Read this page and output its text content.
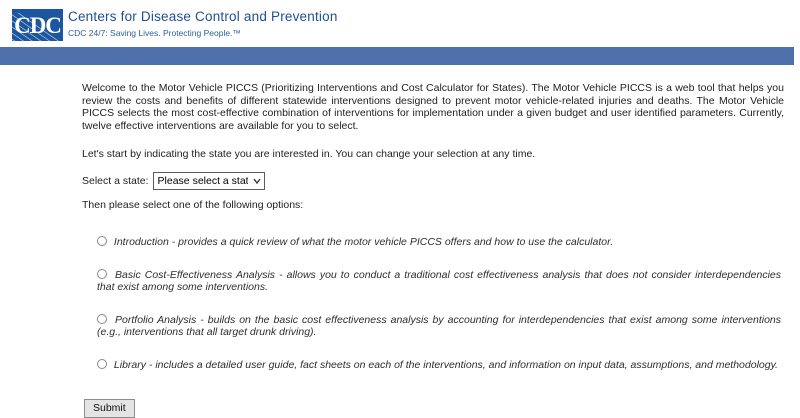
CDC Centers for Disease Control and Prevention
CDC 24/7: Saving Lives. Protecting People.™

Welcome to the Motor Vehicle PICCS (Prioritizing Interventions and Cost Calculator for States). The Motor Vehicle PICCS is a web tool that helps you review the costs and benefits of different statewide interventions designed to prevent motor vehicle-related injuries and deaths. The Motor Vehicle PICCS selects the most cost-effective combination of interventions for implementation under a given budget and user identified parameters. Currently, twelve effective interventions are available for you to select.

Let's start by indicating the state you are interested in. You can change your selection at any time.

Select a state:
Please select a state

Then please select one of the following options:

Introduction - provides a quick review of what the motor vehicle PICCS offers and how to use the calculator.
Basic Cost-Effectiveness Analysis - allows you to conduct a traditional cost effectiveness analysis that does not consider interdependencies that exist among some interventions.
Portfolio Analysis - builds on the basic cost effectiveness analysis by accounting for interdependencies that exist among some interventions (e.g., interventions that all target drunk driving).
Library - includes a detailed user guide, fact sheets on each of the interventions, and information on input data, assumptions, and methodology.
Submit
